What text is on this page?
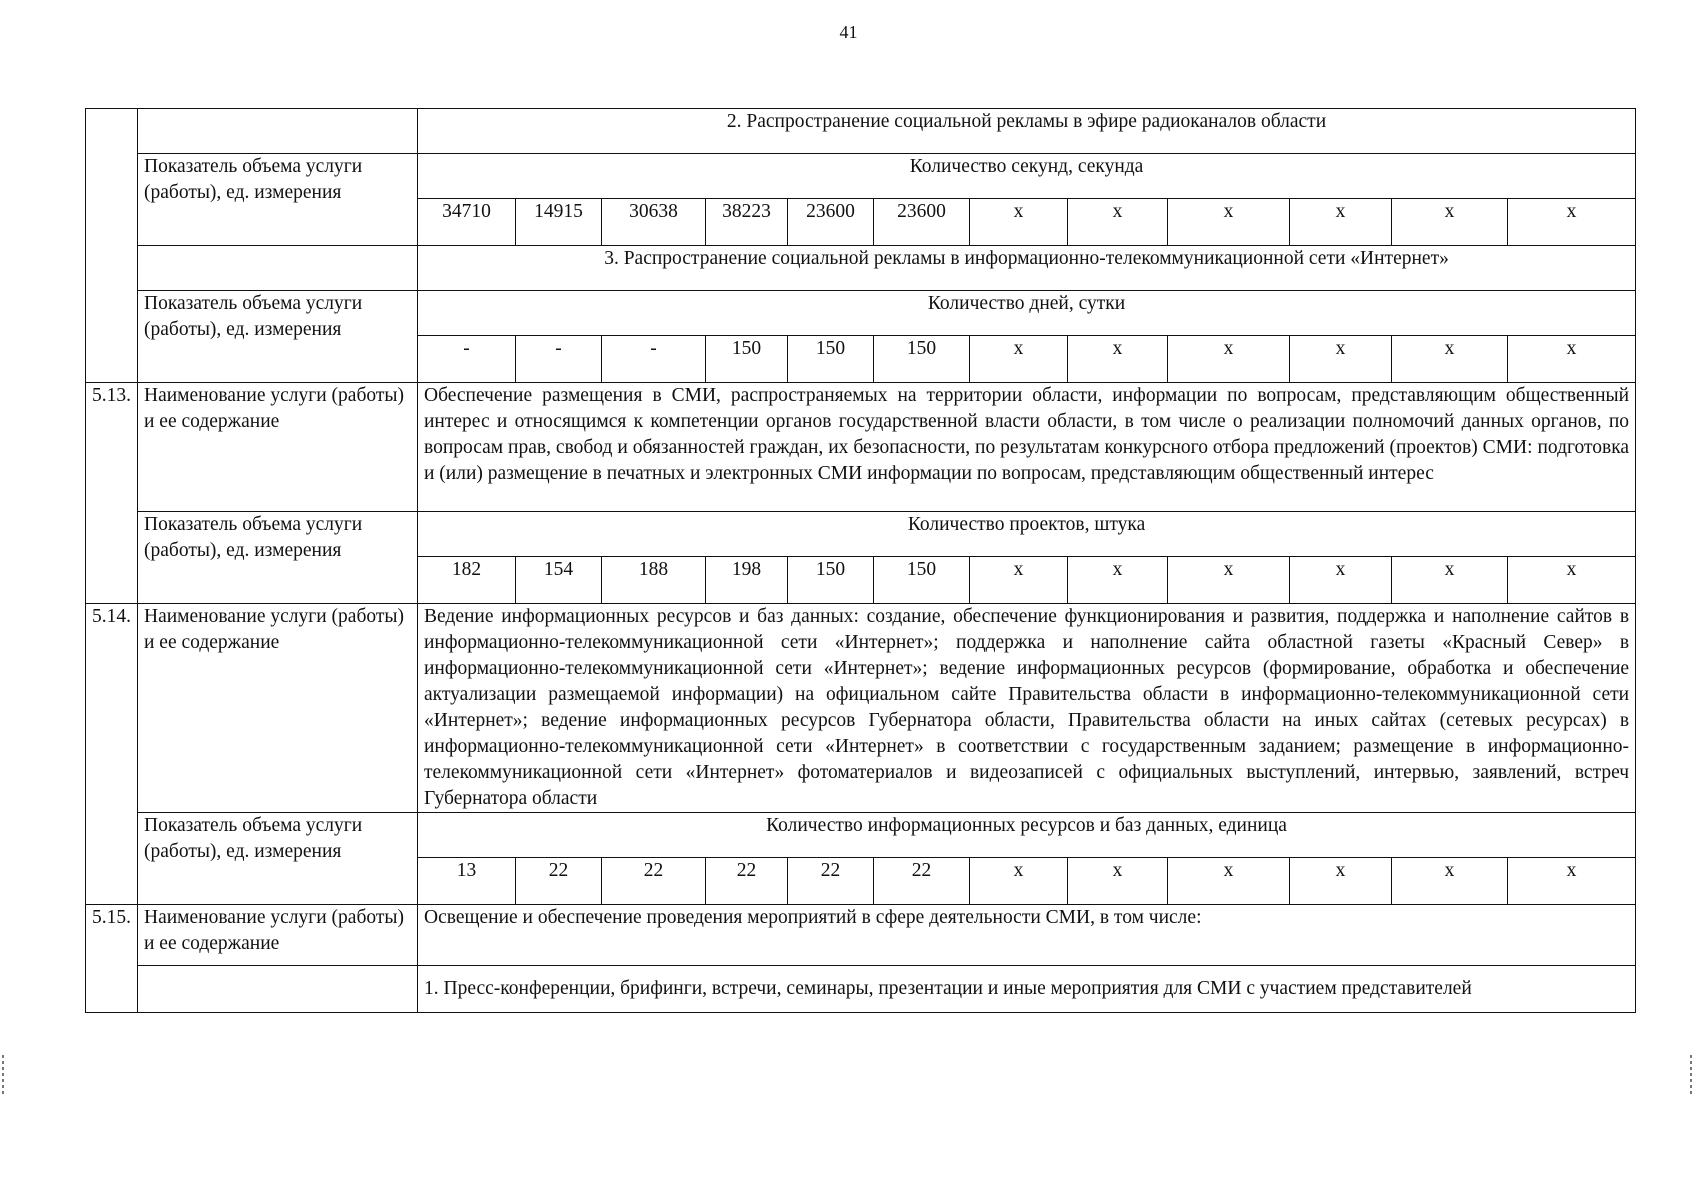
41
		2. Распространение социальной рекламы в эфире радиоканалов области											
	Показатель объема услуги (работы), ед. измерения	Количество секунд, секунда											
		34710	14915	30638	38223	23600	23600	x	x	x	x	x	x
		3. Распространение социальной рекламы в информационно-телекоммуникационной сети «Интернет»											
	Показатель объема услуги (работы), ед. измерения	Количество дней, сутки											
		-	-	-	150	150	150	x	x	x	x	x	x
5.13.	Наименование услуги (работы) и ее содержание	Обеспечение размещения в СМИ, распространяемых на территории области, информации по вопросам, представляющим общественный интерес и относящимся к компетенции органов государственной власти области, в том числе о реализации полномочий данных органов, по вопросам прав, свобод и обязанностей граждан, их безопасности, по результатам конкурсного отбора предложений (проектов) СМИ: подготовка и (или) размещение в печатных и электронных СМИ информации по вопросам, представляющим общественный интерес											
	Показатель объема услуги (работы), ед. измерения	Количество проектов, штука											
		182	154	188	198	150	150	x	x	x	x	x	x
5.14.	Наименование услуги (работы) и ее содержание	Ведение информационных ресурсов и баз данных: создание, обеспечение функционирования и развития, поддержка и наполнение сайтов в информационно-телекоммуникационной сети «Интернет»; поддержка и наполнение сайта областной газеты «Красный Север» в информационно-телекоммуникационной сети «Интернет»; ведение информационных ресурсов (формирование, обработка и обеспечение актуализации размещаемой информации) на официальном сайте Правительства области в информационно-телекоммуникационной сети «Интернет»; ведение информационных ресурсов Губернатора области, Правительства области на иных сайтах (сетевых ресурсах) в информационно-телекоммуникационной сети «Интернет» в соответствии с государственным заданием; размещение в информационно-телекоммуникационной сети «Интернет» фотоматериалов и видеозаписей с официальных выступлений, интервью, заявлений, встреч Губернатора области											
	Показатель объема услуги (работы), ед. измерения	Количество информационных ресурсов и баз данных, единица											
		13	22	22	22	22	22	x	x	x	x	x	x
5.15.	Наименование услуги (работы) и ее содержание	Освещение и обеспечение проведения мероприятий в сфере деятельности СМИ, в том числе:											
		1. Пресс-конференции, брифинги, встречи, семинары, презентации и иные мероприятия для СМИ с участием представителей											
